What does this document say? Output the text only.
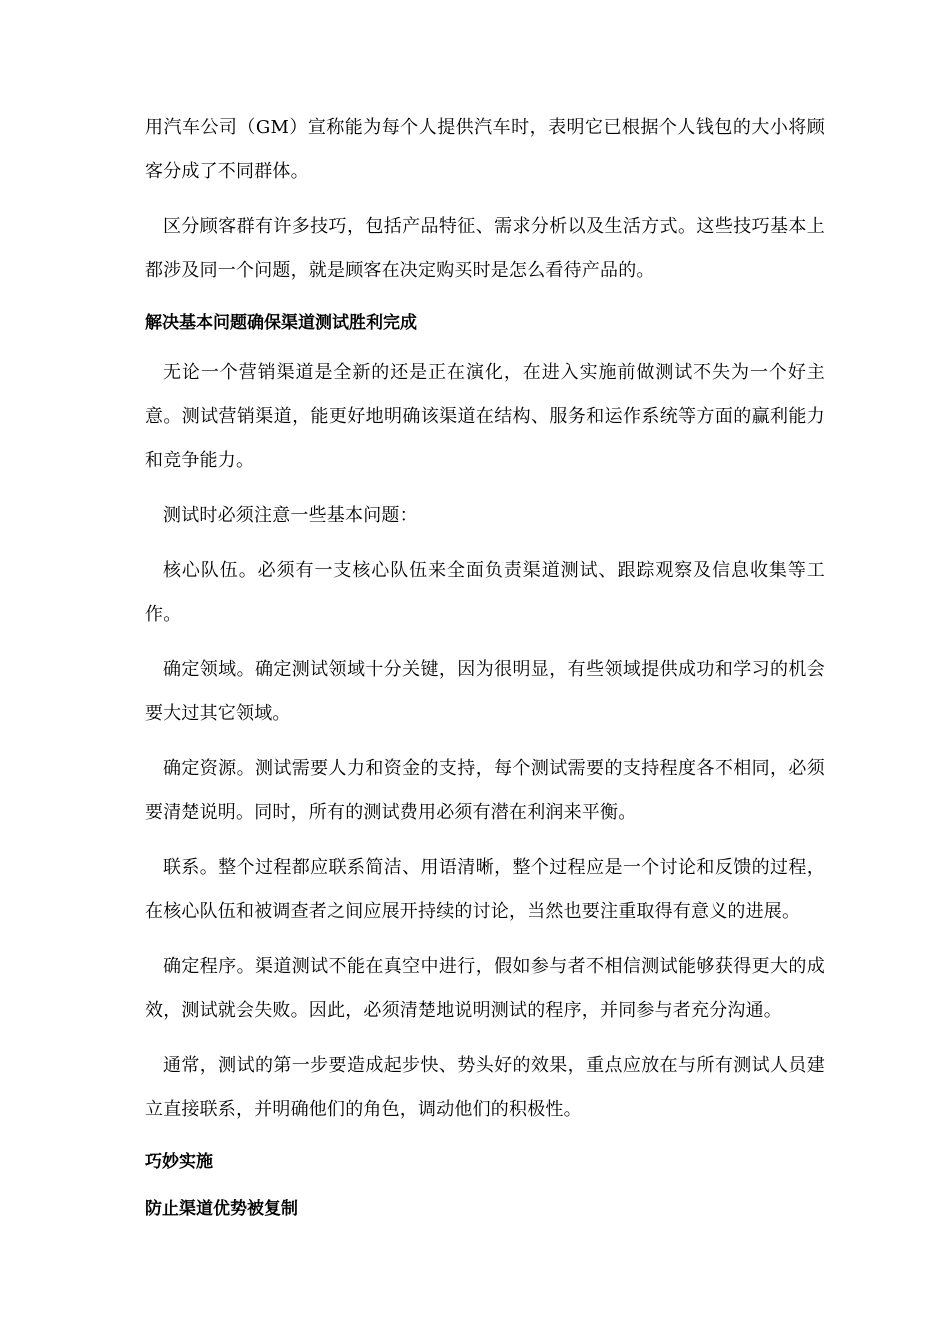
用汽车公司（GM）宣称能为每个人提供汽车时，表明它已根据个人钱包的大小将顾客分成了不同群体。

区分顾客群有许多技巧，包括产品特征、需求分析以及生活方式。这些技巧基本上都涉及同一个问题，就是顾客在决定购买时是怎么看待产品的。

解决基本问题确保渠道测试胜利完成

无论一个营销渠道是全新的还是正在演化，在进入实施前做测试不失为一个好主意。测试营销渠道，能更好地明确该渠道在结构、服务和运作系统等方面的赢利能力和竞争能力。

测试时必须注意一些基本问题：

核心队伍。必须有一支核心队伍来全面负责渠道测试、跟踪观察及信息收集等工作。

确定领域。确定测试领域十分关键，因为很明显，有些领域提供成功和学习的机会要大过其它领域。

确定资源。测试需要人力和资金的支持，每个测试需要的支持程度各不相同，必须要清楚说明。同时，所有的测试费用必须有潜在利润来平衡。

联系。整个过程都应联系简洁、用语清晰，整个过程应是一个讨论和反馈的过程，在核心队伍和被调查者之间应展开持续的讨论，当然也要注重取得有意义的进展。

确定程序。渠道测试不能在真空中进行，假如参与者不相信测试能够获得更大的成效，测试就会失败。因此，必须清楚地说明测试的程序，并同参与者充分沟通。

通常，测试的第一步要造成起步快、势头好的效果，重点应放在与所有测试人员建立直接联系，并明确他们的角色，调动他们的积极性。

巧妙实施
防止渠道优势被复制
